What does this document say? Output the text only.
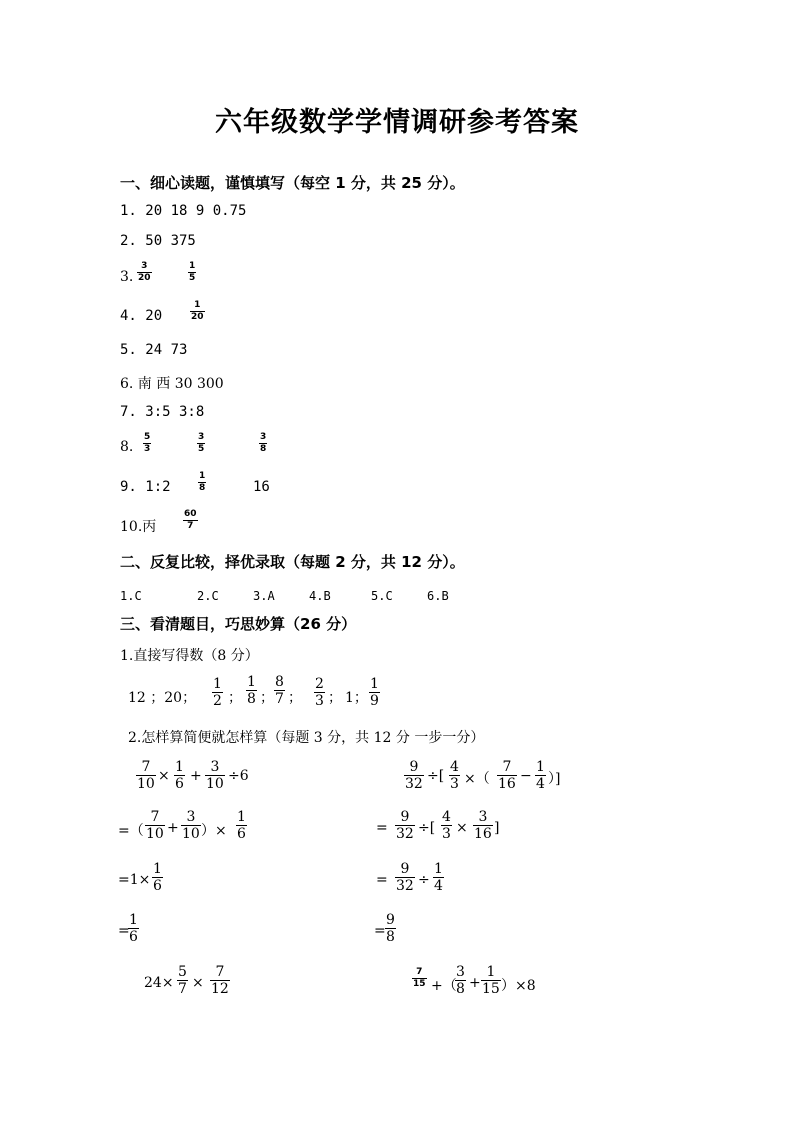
六年级数学学情调研参考答案
一、细心读题，谨慎填写（每空 1 分，共 25 分）。
1. 20 18 9 0.75
2. 50 375
3.
3
20
1
5
4. 20
1
20
5. 24 73
6. 南 西 30 300
7. 3:5 3:8
8.
5
3
3
5
3
8
9. 1:2
1
8	16
10.丙
60
7
二、反复比较，择优录取（每题 2 分，共 12 分）。
1.C	2.C	3.A	4.B	5.C	6.B
三、看清题目，巧思妙算（26 分）
1.直接写得数（8 分）
12 ；20；
1
2 ；
1
8 ；
8
7 ；
2
3 ； 1；
1
9
2.怎样算简便就怎样算（每题 3 分，共 12 分 一步一分）
7
10 ×
1
6 +
3
10 ÷6
=（
7
10 +
3
10 ）×
1
6
=1×
1
6
=
1
6
24×
5
7 ×
7
12
9
32 ÷[
4
3 ×（
7
16 −
1
4 ）]
=
9
32 ÷[
4
3 ×
3
16 ]
=
9
32 ÷
1
4
=
9
8
7
15 +（
3
8 +
1
15 ）×8
